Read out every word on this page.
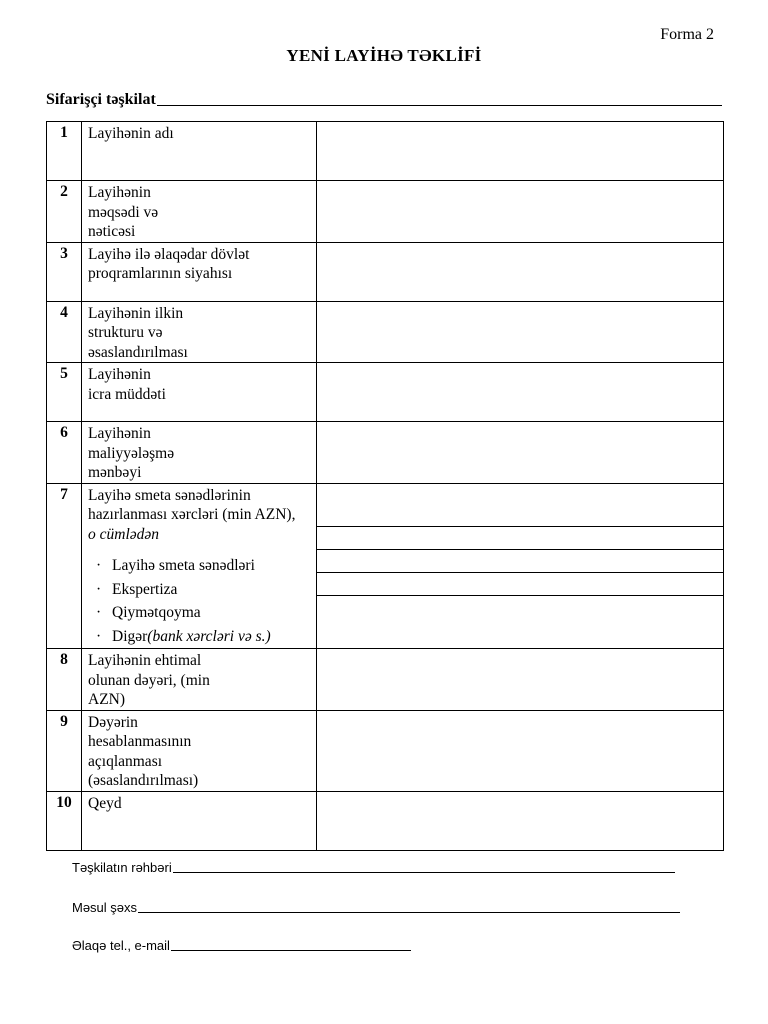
Forma 2
YENİ LAYİHƏ TƏKLİFİ
Sifarişçi təşkilat
1	Layihənin adı	

2	Layihənin məqsədi və nəticəsi	

3	Layihə ilə əlaqədar dövlət proqramlarının siyahısı	

4	Layihənin ilkin strukturu və əsaslandırılması	

5	Layihənin icra müddəti	

6	Layihənin maliyyələşmə mənbəyi	

7	Layihə smeta sənədlərinin hazırlanması xərcləri (min AZN), o cümlədən
· Layihə smeta sənədləri
· Ekspertiza
· Qiymətqoyma
· Digər(bank xərcləri və s.)	

8	Layihənin ehtimal olunan dəyəri, (min AZN)	

9	Dəyərin hesablanmasının açıqlanması (əsaslandırılması)	

10	Qeyd	

Təşkilatın rəhbəri
Məsul şəxs
Əlaqə tel., e-mail
